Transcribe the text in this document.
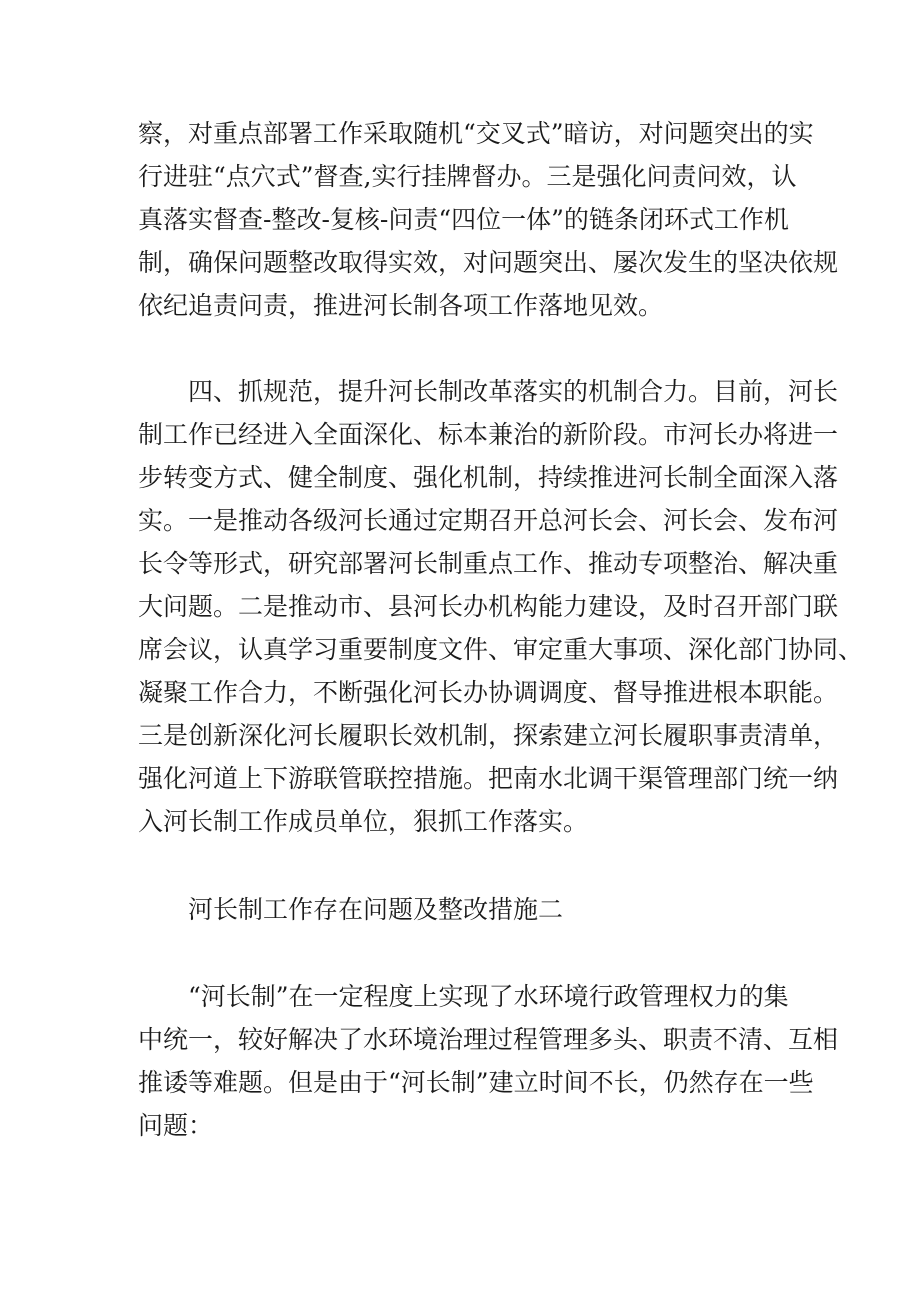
察，对重点部署工作采取随机“交叉式”暗访，对问题突出的实
行进驻“点穴式”督查,实行挂牌督办。三是强化问责问效，认
真落实督查-整改-复核-问责“四位一体”的链条闭环式工作机
制，确保问题整改取得实效，对问题突出、屡次发生的坚决依规
依纪追责问责，推进河长制各项工作落地见效。
四、抓规范，提升河长制改革落实的机制合力。目前，河长
制工作已经进入全面深化、标本兼治的新阶段。市河长办将进一
步转变方式、健全制度、强化机制，持续推进河长制全面深入落
实。一是推动各级河长通过定期召开总河长会、河长会、发布河
长令等形式，研究部署河长制重点工作、推动专项整治、解决重
大问题。二是推动市、县河长办机构能力建设，及时召开部门联
席会议，认真学习重要制度文件、审定重大事项、深化部门协同、
凝聚工作合力，不断强化河长办协调调度、督导推进根本职能。
三是创新深化河长履职长效机制，探索建立河长履职事责清单，
强化河道上下游联管联控措施。把南水北调干渠管理部门统一纳
入河长制工作成员单位，狠抓工作落实。
河长制工作存在问题及整改措施二
“河长制”在一定程度上实现了水环境行政管理权力的集
中统一，较好解决了水环境治理过程管理多头、职责不清、互相
推诿等难题。但是由于“河长制”建立时间不长，仍然存在一些
问题：
